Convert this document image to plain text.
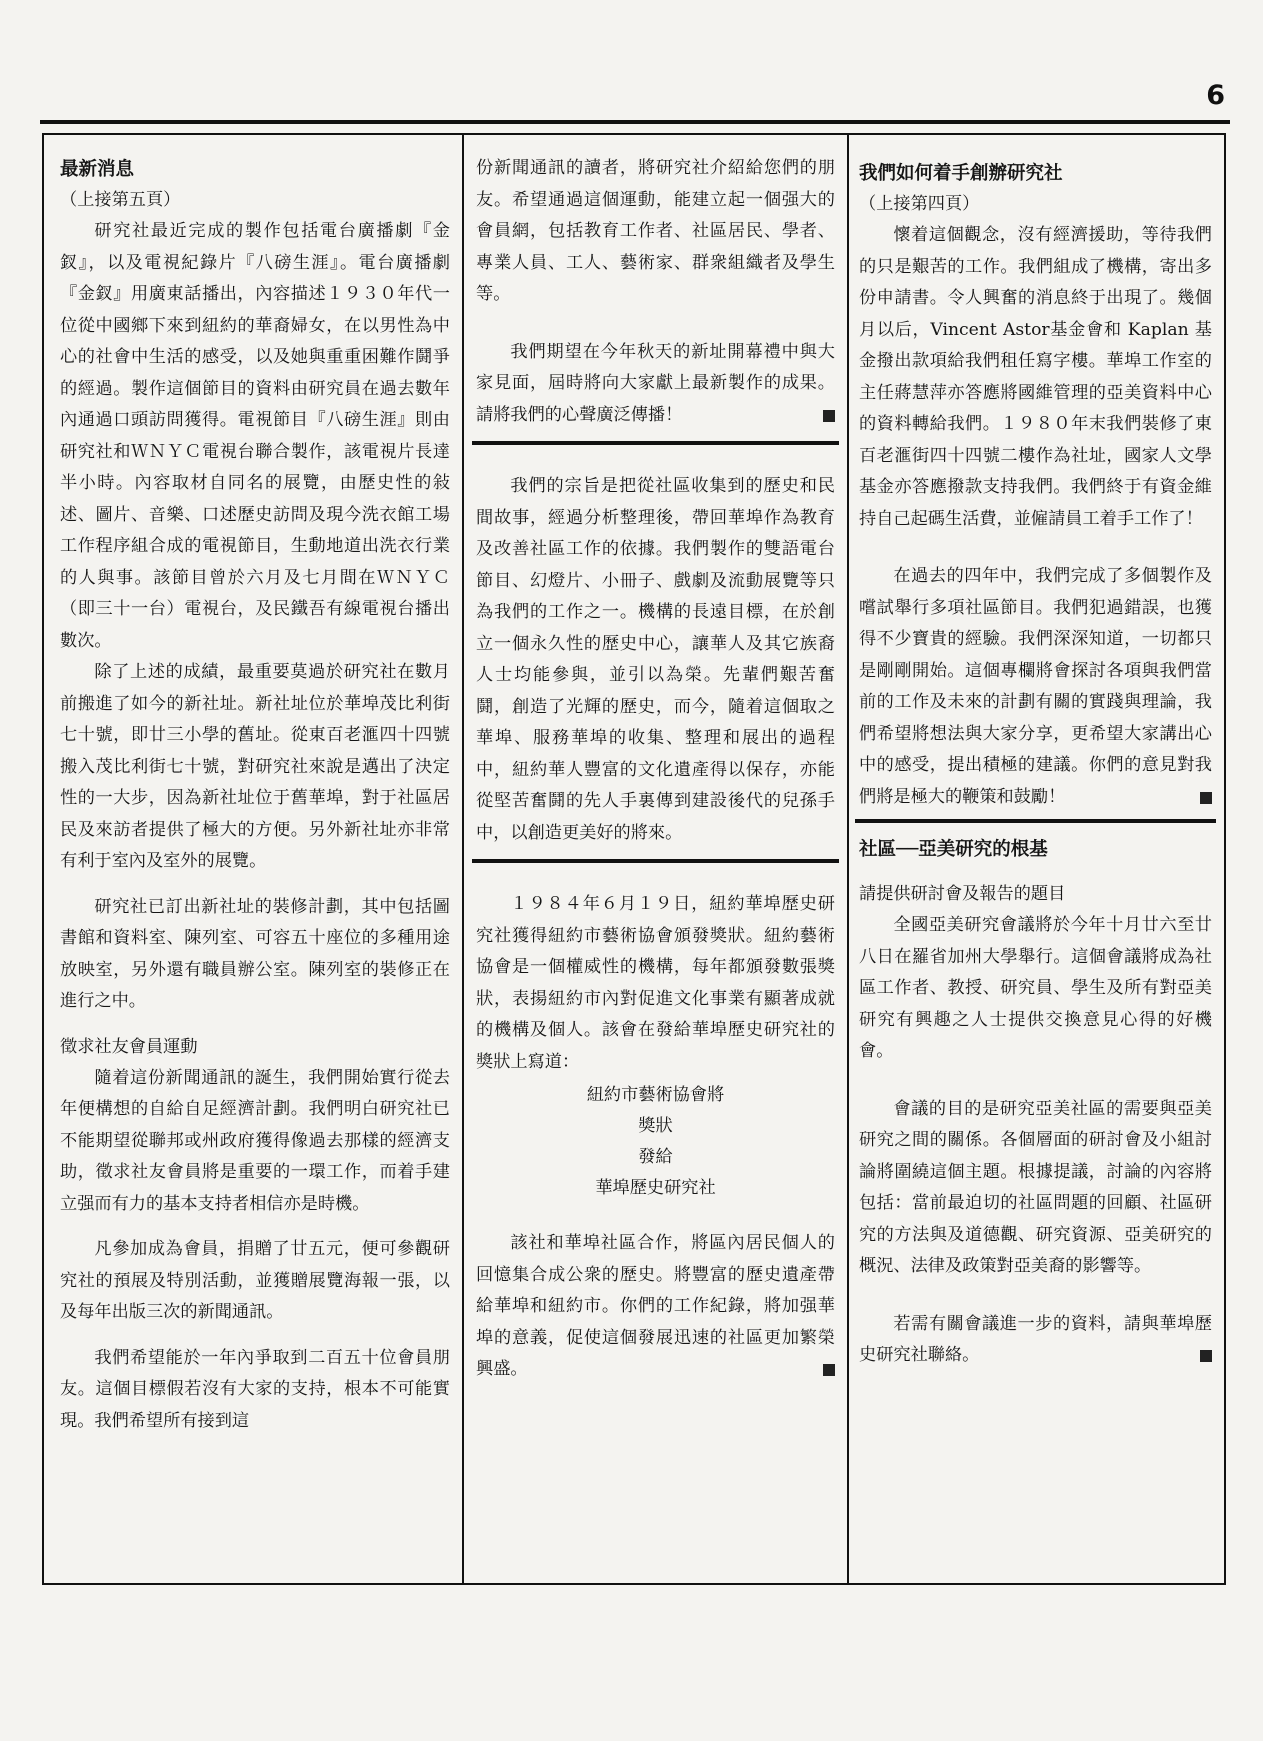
6
最新消息
（上接第五頁）

研究社最近完成的製作包括電台廣播劇『金釵』，以及電視紀錄片『八磅生涯』。電台廣播劇『金釵』用廣東話播出，內容描述１９３０年代一位從中國鄉下來到紐約的華裔婦女，在以男性為中心的社會中生活的感受，以及她與重重困難作鬪爭的經過。製作這個節目的資料由研究員在過去數年內通過口頭訪問獲得。電視節目『八磅生涯』則由研究社和ＷＮＹＣ電視台聯合製作，該電視片長達半小時。內容取材自同名的展覽，由歷史性的敍述、圖片、音樂、口述歷史訪問及現今洗衣館工場工作程序組合成的電視節目，生動地道出洗衣行業的人與事。該節目曾於六月及七月間在ＷＮＹＣ（即三十一台）電視台，及民鐵吾有線電視台播出數次。

除了上述的成績，最重要莫過於研究社在數月前搬進了如今的新社址。新社址位於華埠茂比利街七十號，即廿三小學的舊址。從東百老滙四十四號搬入茂比利街七十號，對研究社來說是邁出了決定性的一大步，因為新社址位于舊華埠，對于社區居民及來訪者提供了極大的方便。另外新社址亦非常有利于室內及室外的展覽。

研究社已訂出新社址的裝修計劃，其中包括圖書館和資料室、陳列室、可容五十座位的多種用途放映室，另外還有職員辦公室。陳列室的裝修正在進行之中。

徵求社友會員運動

隨着這份新聞通訊的誕生，我們開始實行從去年便構想的自給自足經濟計劃。我們明白研究社已不能期望從聯邦或州政府獲得像過去那樣的經濟支助，徵求社友會員將是重要的一環工作，而着手建立强而有力的基本支持者相信亦是時機。

凡參加成為會員，捐贈了廿五元，便可參觀研究社的預展及特別活動，並獲贈展覽海報一張，以及每年出版三次的新聞通訊。

我們希望能於一年內爭取到二百五十位會員朋友。這個目標假若沒有大家的支持，根本不可能實現。我們希望所有接到這

份新聞通訊的讀者，將研究社介紹給您們的朋友。希望通過這個運動，能建立起一個强大的會員網，包括教育工作者、社區居民、學者、專業人員、工人、藝術家、群衆組織者及學生等。

我們期望在今年秋天的新址開幕禮中與大家見面，屆時將向大家獻上最新製作的成果。請將我們的心聲廣泛傳播！

我們的宗旨是把從社區收集到的歷史和民間故事，經過分析整理後，帶回華埠作為教育及改善社區工作的依據。我們製作的雙語電台節目、幻燈片、小冊子、戲劇及流動展覽等只為我們的工作之一。機構的長遠目標，在於創立一個永久性的歷史中心，讓華人及其它族裔人士均能參與，並引以為榮。先輩們艱苦奮鬪，創造了光輝的歷史，而今，隨着這個取之華埠、服務華埠的收集、整理和展出的過程中，紐約華人豐富的文化遺產得以保存，亦能從堅苦奮鬪的先人手裏傳到建設後代的兒孫手中，以創造更美好的將來。

１９８４年６月１９日，紐約華埠歷史研究社獲得紐約市藝術協會頒發獎狀。紐約藝術協會是一個權威性的機構，每年都頒發數張獎狀，表揚紐約市內對促進文化事業有顯著成就的機構及個人。該會在發給華埠歷史研究社的獎狀上寫道：

紐約市藝術協會將
獎狀
發給
華埠歷史研究社

該社和華埠社區合作，將區內居民個人的回憶集合成公衆的歷史。將豐富的歷史遺產帶給華埠和紐約市。你們的工作紀錄，將加强華埠的意義，促使這個發展迅速的社區更加繁榮興盛。

我們如何着手創辦研究社
（上接第四頁）

懷着這個觀念，沒有經濟援助，等待我們的只是艱苦的工作。我們組成了機構，寄出多份申請書。令人興奮的消息終于出現了。幾個月以后，Vincent Astor基金會和 Kaplan 基金撥出款項給我們租任寫字樓。華埠工作室的主任蔣慧萍亦答應將國維管理的亞美資料中心的資料轉給我們。１９８０年末我們裝修了東百老滙街四十四號二樓作為社址，國家人文學基金亦答應撥款支持我們。我們終于有資金維持自己起碼生活費，並僱請員工着手工作了！

在過去的四年中，我們完成了多個製作及嚐試舉行多項社區節目。我們犯過錯誤，也獲得不少寶貴的經驗。我們深深知道，一切都只是剛剛開始。這個專欄將會探討各項與我們當前的工作及未來的計劃有關的實踐與理論，我們希望將想法與大家分享，更希望大家講出心中的感受，提出積極的建議。你們的意見對我們將是極大的鞭策和鼓勵！

社區──亞美研究的根基
請提供研討會及報告的題目

全國亞美研究會議將於今年十月廿六至廿八日在羅省加州大學舉行。這個會議將成為社區工作者、教授、研究員、學生及所有對亞美研究有興趣之人士提供交換意見心得的好機會。

會議的目的是研究亞美社區的需要與亞美研究之間的關係。各個層面的研討會及小組討論將圍繞這個主題。根據提議，討論的內容將包括：當前最迫切的社區問題的回顧、社區研究的方法與及道德觀、研究資源、亞美研究的概況、法律及政策對亞美裔的影響等。

若需有關會議進一步的資料，請與華埠歷史研究社聯絡。
